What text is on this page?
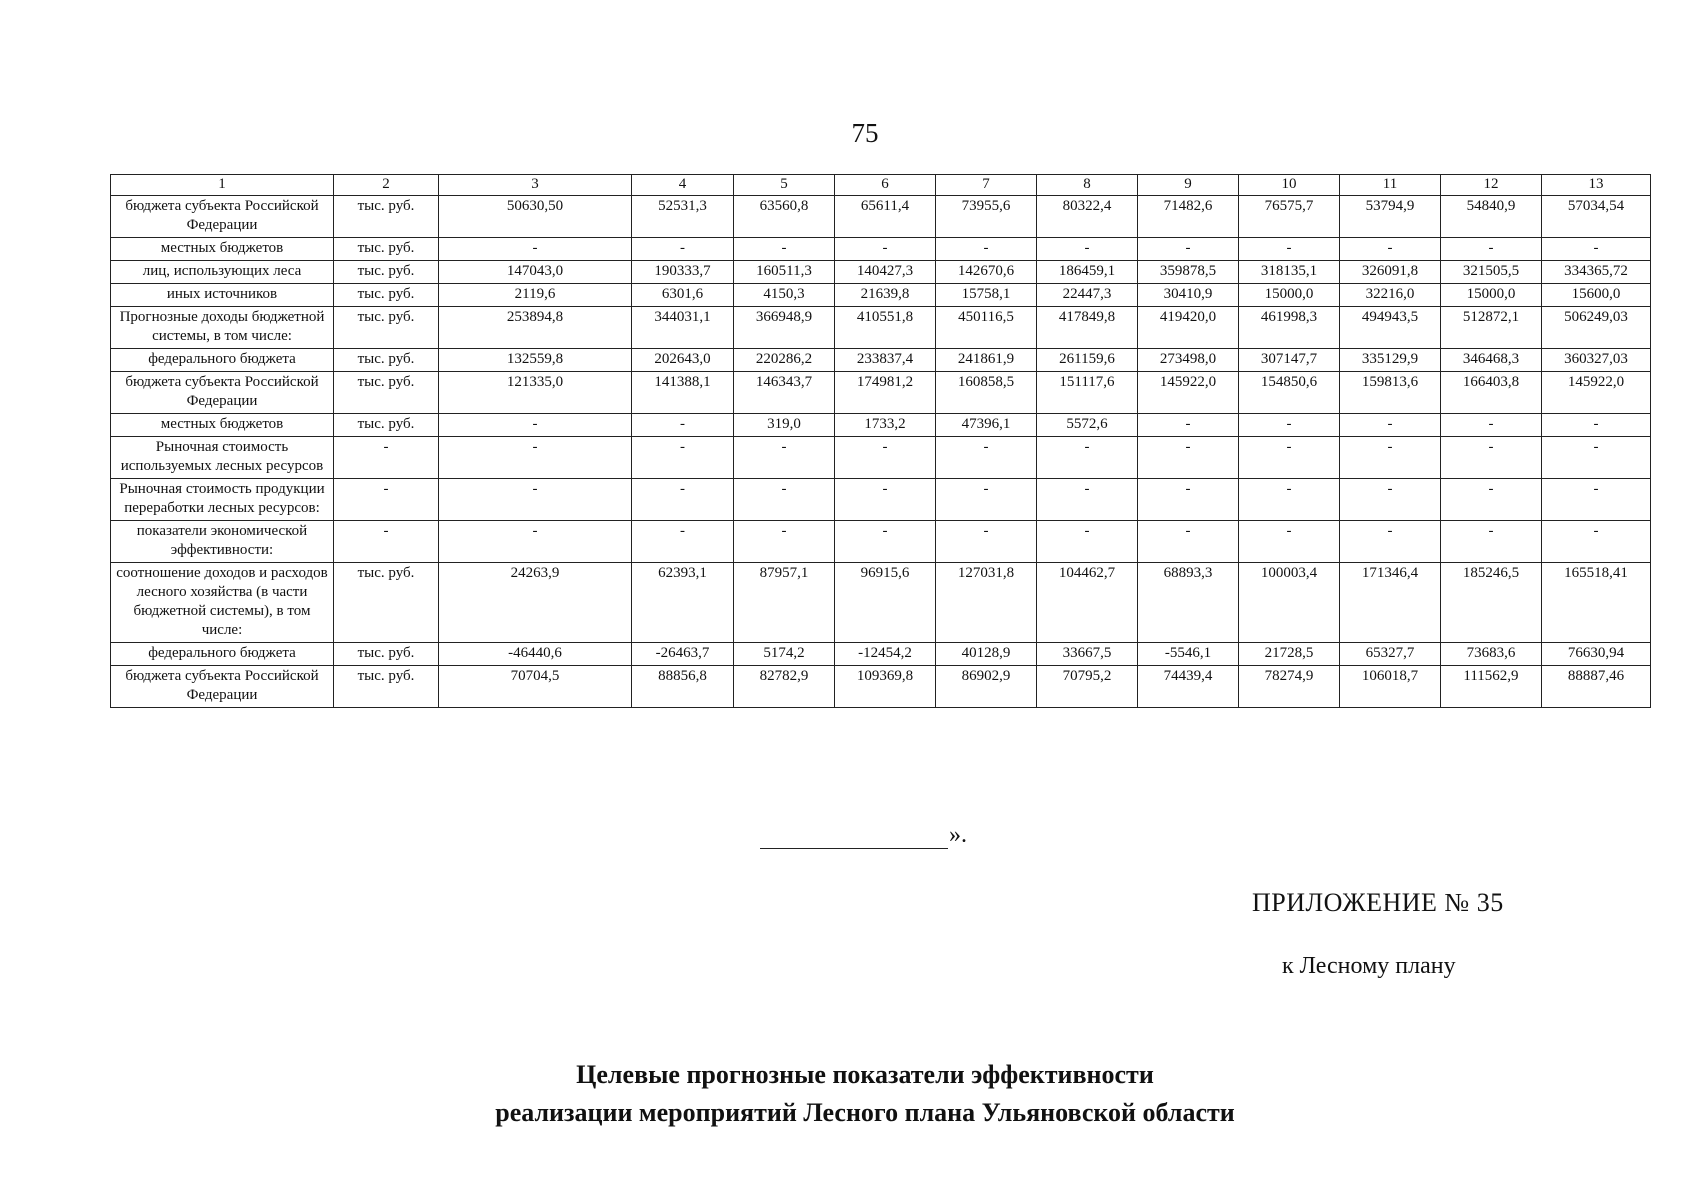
75
1	2	3	4	5	6	7	8	9	10	11	12	13
бюджета субъекта Российской Федерации	тыс. руб.	50630,50	52531,3	63560,8	65611,4	73955,6	80322,4	71482,6	76575,7	53794,9	54840,9	57034,54
местных бюджетов	тыс. руб.	-	-	-	-	-	-	-	-	-	-	-
лиц, использующих леса	тыс. руб.	147043,0	190333,7	160511,3	140427,3	142670,6	186459,1	359878,5	318135,1	326091,8	321505,5	334365,72
иных источников	тыс. руб.	2119,6	6301,6	4150,3	21639,8	15758,1	22447,3	30410,9	15000,0	32216,0	15000,0	15600,0
Прогнозные доходы бюджетной системы, в том числе:	тыс. руб.	253894,8	344031,1	366948,9	410551,8	450116,5	417849,8	419420,0	461998,3	494943,5	512872,1	506249,03
федерального бюджета	тыс. руб.	132559,8	202643,0	220286,2	233837,4	241861,9	261159,6	273498,0	307147,7	335129,9	346468,3	360327,03
бюджета субъекта Российской Федерации	тыс. руб.	121335,0	141388,1	146343,7	174981,2	160858,5	151117,6	145922,0	154850,6	159813,6	166403,8	145922,0
местных бюджетов	тыс. руб.	-	-	319,0	1733,2	47396,1	5572,6	-	-	-	-	-
Рыночная стоимость используемых лесных ресурсов	-	-	-	-	-	-	-	-	-	-	-	-
Рыночная стоимость продукции переработки лесных ресурсов:	-	-	-	-	-	-	-	-	-	-	-	-
показатели экономической эффективности:	-	-	-	-	-	-	-	-	-	-	-	-
соотношение доходов и расходов лесного хозяйства (в части бюджетной системы), в том числе:	тыс. руб.	24263,9	62393,1	87957,1	96915,6	127031,8	104462,7	68893,3	100003,4	171346,4	185246,5	165518,41
федерального бюджета	тыс. руб.	-46440,6	-26463,7	5174,2	-12454,2	40128,9	33667,5	-5546,1	21728,5	65327,7	73683,6	76630,94
бюджета субъекта Российской Федерации	тыс. руб.	70704,5	88856,8	82782,9	109369,8	86902,9	70795,2	74439,4	78274,9	106018,7	111562,9	88887,46
».
ПРИЛОЖЕНИЕ № 35
к Лесному плану
Целевые прогнозные показатели эффективности
реализации мероприятий Лесного плана Ульяновской области
